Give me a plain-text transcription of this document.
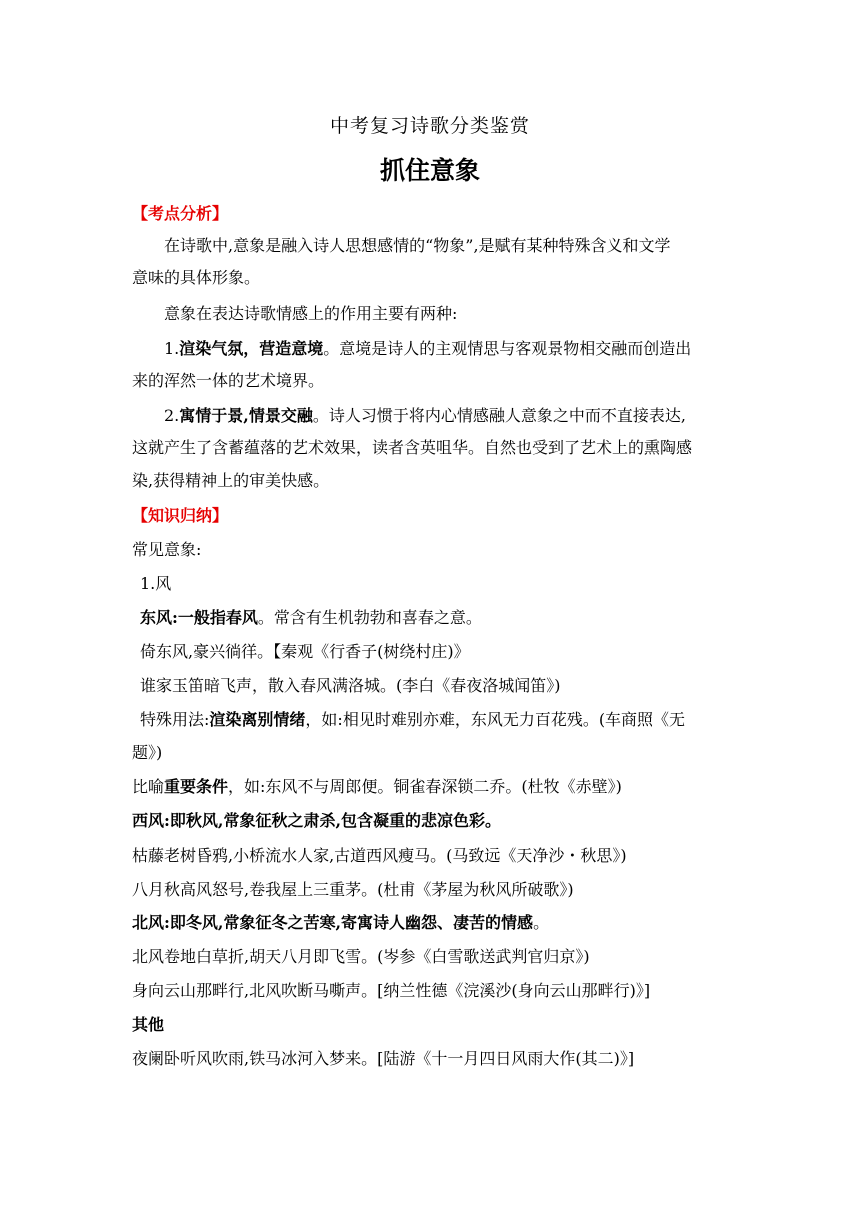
中考复习诗歌分类鉴赏
抓住意象
【考点分析】
在诗歌中,意象是融入诗人思想感情的“物象”,是赋有某种特殊含义和文学
意味的具体形象。
意象在表达诗歌情感上的作用主要有两种:
1.渲染气氛，营造意境。意境是诗人的主观情思与客观景物相交融而创造出
来的浑然一体的艺术境界。
2.寓情于景,情景交融。诗人习惯于将内心情感融人意象之中而不直接表达,
这就产生了含蓄蕴落的艺术效果，读者含英咀华。自然也受到了艺术上的熏陶感
染,获得精神上的审美快感。
【知识归纳】
常见意象:
1.风
东风:一般指春风。常含有生机勃勃和喜春之意。
倚东风,豪兴徜徉。【秦观《行香子(树绕村庄)》
谁家玉笛暗飞声，散入春风满洛城。(李白《春夜洛城闻笛》)
特殊用法:渲染离别情绪，如:相见时难别亦难，东风无力百花残。(车商照《无
题》)
比喻重要条件，如:东风不与周郎便。铜雀春深锁二乔。(杜牧《赤壁》)
西风:即秋风,常象征秋之肃杀,包含凝重的悲凉色彩。
枯藤老树昏鸦,小桥流水人家,古道西风瘦马。(马致远《天净沙・秋思》)
八月秋高风怒号,卷我屋上三重茅。(杜甫《茅屋为秋风所破歌》)
北风:即冬风,常象征冬之苦寒,寄寓诗人幽怨、凄苦的情感。
北风卷地白草折,胡天八月即飞雪。(岑参《白雪歌送武判官归京》)
身向云山那畔行,北风吹断马嘶声。[纳兰性德《浣溪沙(身向云山那畔行)》]
其他
夜阑卧听风吹雨,铁马冰河入梦来。[陆游《十一月四日风雨大作(其二)》]
